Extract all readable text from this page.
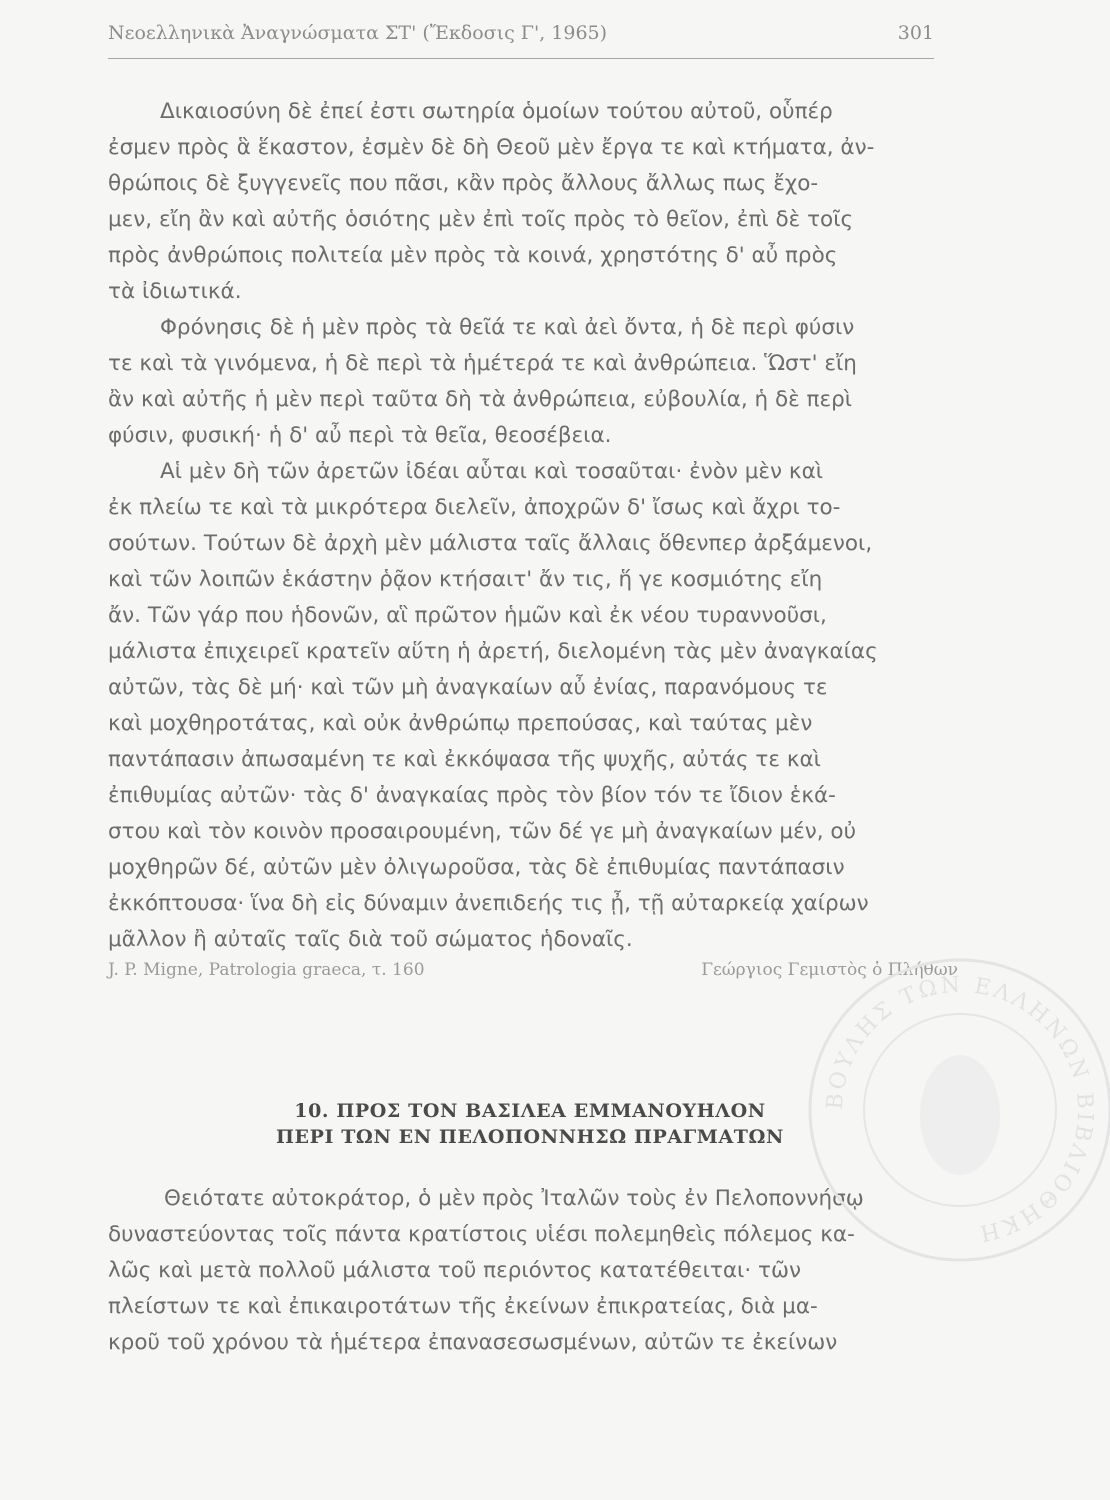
Νεοελληνικὰ Ἀναγνώσματα ΣΤ' (Ἔκδοσις Γ', 1965)	301
Δικαιοσύνη δὲ ἐπεί ἐστι σωτηρία ὁμοίων τούτου αὐτοῦ, οὗπέρ
ἐσμεν πρὸς ἃ ἕκαστον, ἐσμὲν δὲ δὴ Θεοῦ μὲν ἔργα τε καὶ κτήματα, ἀν-
θρώποις δὲ ξυγγενεῖς που πᾶσι, κἂν πρὸς ἄλλους ἄλλως πως ἔχο-
μεν, εἴη ἂν καὶ αὐτῆς ὁσιότης μὲν ἐπὶ τοῖς πρὸς τὸ θεῖον, ἐπὶ δὲ τοῖς
πρὸς ἀνθρώποις πολιτεία μὲν πρὸς τὰ κοινά, χρηστότης δ' αὖ πρὸς
τὰ ἰδιωτικά.
Φρόνησις δὲ ἡ μὲν πρὸς τὰ θεῖά τε καὶ ἀεὶ ὄντα, ἡ δὲ περὶ φύσιν
τε καὶ τὰ γινόμενα, ἡ δὲ περὶ τὰ ἡμέτερά τε καὶ ἀνθρώπεια. Ὥστ' εἴη
ἂν καὶ αὐτῆς ἡ μὲν περὶ ταῦτα δὴ τὰ ἀνθρώπεια, εὐβουλία, ἡ δὲ περὶ
φύσιν, φυσική· ἡ δ' αὖ περὶ τὰ θεῖα, θεοσέβεια.
Αἱ μὲν δὴ τῶν ἀρετῶν ἰδέαι αὗται καὶ τοσαῦται· ἐνὸν μὲν καὶ
ἐκ πλείω τε καὶ τὰ μικρότερα διελεῖν, ἀποχρῶν δ' ἴσως καὶ ἄχρι το-
σούτων. Τούτων δὲ ἀρχὴ μὲν μάλιστα ταῖς ἄλλαις ὅθενπερ ἀρξάμενοι,
καὶ τῶν λοιπῶν ἑκάστην ῥᾷον κτήσαιτ' ἄν τις, ἥ γε κοσμιότης εἴη
ἄν. Τῶν γάρ που ἡδονῶν, αἳ πρῶτον ἡμῶν καὶ ἐκ νέου τυραννοῦσι,
μάλιστα ἐπιχειρεῖ κρατεῖν αὕτη ἡ ἀρετή, διελομένη τὰς μὲν ἀναγκαίας
αὐτῶν, τὰς δὲ μή· καὶ τῶν μὴ ἀναγκαίων αὖ ἐνίας, παρανόμους τε
καὶ μοχθηροτάτας, καὶ οὐκ ἀνθρώπῳ πρεπούσας, καὶ ταύτας μὲν
παντάπασιν ἀπωσαμένη τε καὶ ἐκκόψασα τῆς ψυχῆς, αὐτάς τε καὶ
ἐπιθυμίας αὐτῶν· τὰς δ' ἀναγκαίας πρὸς τὸν βίον τόν τε ἴδιον ἑκά-
στου καὶ τὸν κοινὸν προσαιρουμένη, τῶν δέ γε μὴ ἀναγκαίων μέν, οὐ
μοχθηρῶν δέ, αὐτῶν μὲν ὀλιγωροῦσα, τὰς δὲ ἐπιθυμίας παντάπασιν
ἐκκόπτουσα· ἵνα δὴ εἰς δύναμιν ἀνεπιδεής τις ᾖ, τῇ αὐταρκείᾳ χαίρων
μᾶλλον ἢ αὐταῖς ταῖς διὰ τοῦ σώματος ἡδοναῖς.
J. P. Migne, Patrologia graeca, τ. 160	Γεώργιος Γεμιστὸς ὁ Πλήθων
10. ΠΡΟΣ ΤΟΝ ΒΑΣΙΛΕΑ ΕΜΜΑΝΟΥΗΛΟΝ
ΠΕΡΙ ΤΩΝ ΕΝ ΠΕΛΟΠΟΝΝΗΣΩ ΠΡΑΓΜΑΤΩΝ
Θειότατε αὐτοκράτορ, ὁ μὲν πρὸς Ἰταλῶν τοὺς ἐν Πελοποννήσῳ
δυναστεύοντας τοῖς πάντα κρατίστοις υἱέσι πολεμηθεὶς πόλεμος κα-
λῶς καὶ μετὰ πολλοῦ μάλιστα τοῦ περιόντος κατατέθειται· τῶν
πλείστων τε καὶ ἐπικαιροτάτων τῆς ἐκείνων ἐπικρατείας, διὰ μα-
κροῦ τοῦ χρόνου τὰ ἡμέτερα ἐπανασεσωσμένων, αὐτῶν τε ἐκείνων
ΒΟΥΛΗΣ ΤΩΝ ΕΛΛΗΝΩΝ ΒΙΒΛΙΟΘΗΚΗ
